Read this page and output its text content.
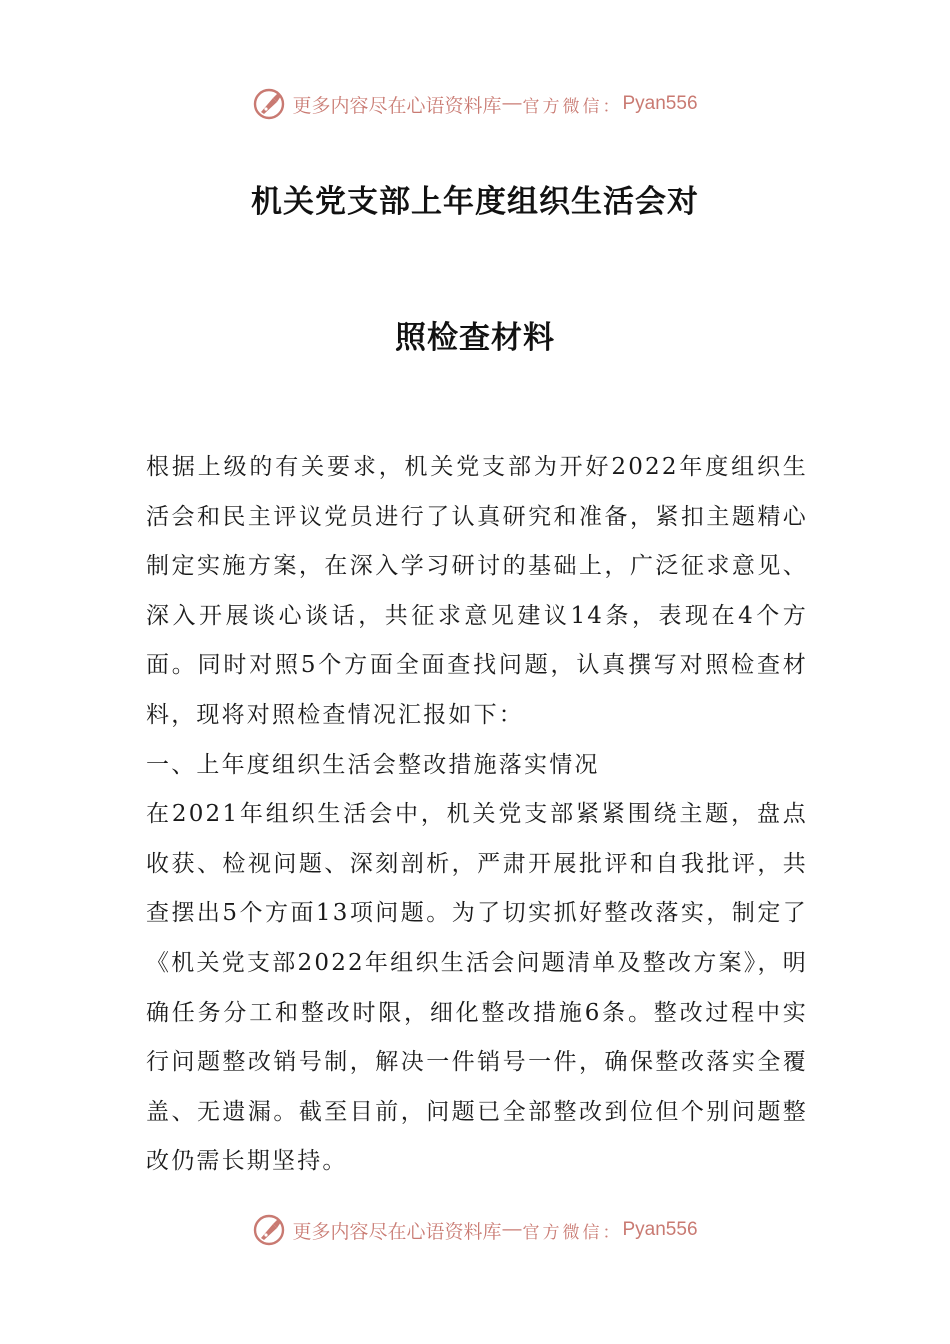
更多内容尽在心语资料库 — 官方微信： Pyan556
机关党支部上年度组织生活会对
照检查材料

根据上级的有关要求，机关党支部为开好2022年度组织生活会和民主评议党员进行了认真研究和准备，紧扣主题精心制定实施方案，在深入学习研讨的基础上，广泛征求意见、深入开展谈心谈话，共征求意见建议14条，表现在4个方面。同时对照5个方面全面查找问题，认真撰写对照检查材料，现将对照检查情况汇报如下：

一、上年度组织生活会整改措施落实情况

在2021年组织生活会中，机关党支部紧紧围绕主题，盘点收获、检视问题、深刻剖析，严肃开展批评和自我批评，共查摆出5个方面13项问题。为了切实抓好整改落实，制定了《机关党支部2022年组织生活会问题清单及整改方案》，明确任务分工和整改时限，细化整改措施6条。整改过程中实行问题整改销号制，解决一件销号一件，确保整改落实全覆盖、无遗漏。截至目前，问题已全部整改到位但个别问题整改仍需长期坚持。

更多内容尽在心语资料库 — 官方微信： Pyan556
